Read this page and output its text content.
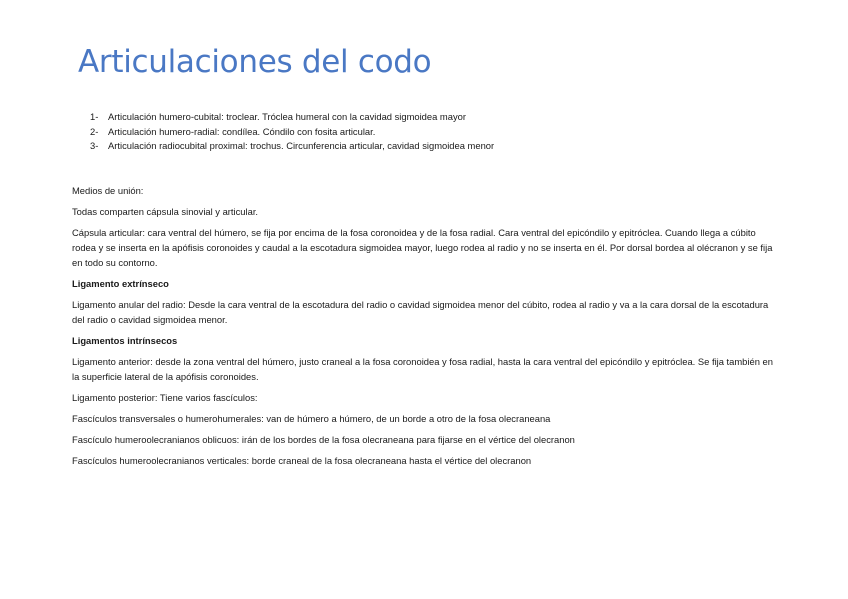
Articulaciones del codo
1-	Articulación humero-cubital: troclear. Tróclea humeral con la cavidad sigmoidea mayor
2-	Articulación humero-radial: condílea. Cóndilo con fosita articular.
3-	Articulación radiocubital proximal: trochus. Circunferencia articular, cavidad sigmoidea menor

Medios de unión:

Todas comparten cápsula sinovial y articular.

Cápsula articular: cara ventral del húmero, se fija por encima de la fosa coronoidea y de la fosa radial. Cara ventral del epicóndilo y epitróclea. Cuando llega a cúbito rodea y se inserta en la apófisis coronoides y caudal a la escotadura sigmoidea mayor, luego rodea al radio y no se inserta en él. Por dorsal bordea al olécranon y se fija en todo su contorno.

Ligamento extrínseco

Ligamento anular del radio: Desde la cara ventral de la escotadura del radio o cavidad sigmoidea menor del cúbito, rodea al radio y va a la cara dorsal de la escotadura del radio o cavidad sigmoidea menor.

Ligamentos intrínsecos

Ligamento anterior: desde la zona ventral del húmero, justo craneal a la fosa coronoidea y fosa radial, hasta la cara ventral del epicóndilo y epitróclea. Se fija también en la superficie lateral de la apófisis coronoides.

Ligamento posterior: Tiene varios fascículos:

Fascículos transversales o humerohumerales: van de húmero a húmero, de un borde a otro de la fosa olecraneana

Fascículo humeroolecranianos oblicuos: irán de los bordes de la fosa olecraneana para fijarse en el vértice del olecranon

Fascículos humeroolecranianos verticales: borde craneal de la fosa olecraneana hasta el vértice del olecranon
